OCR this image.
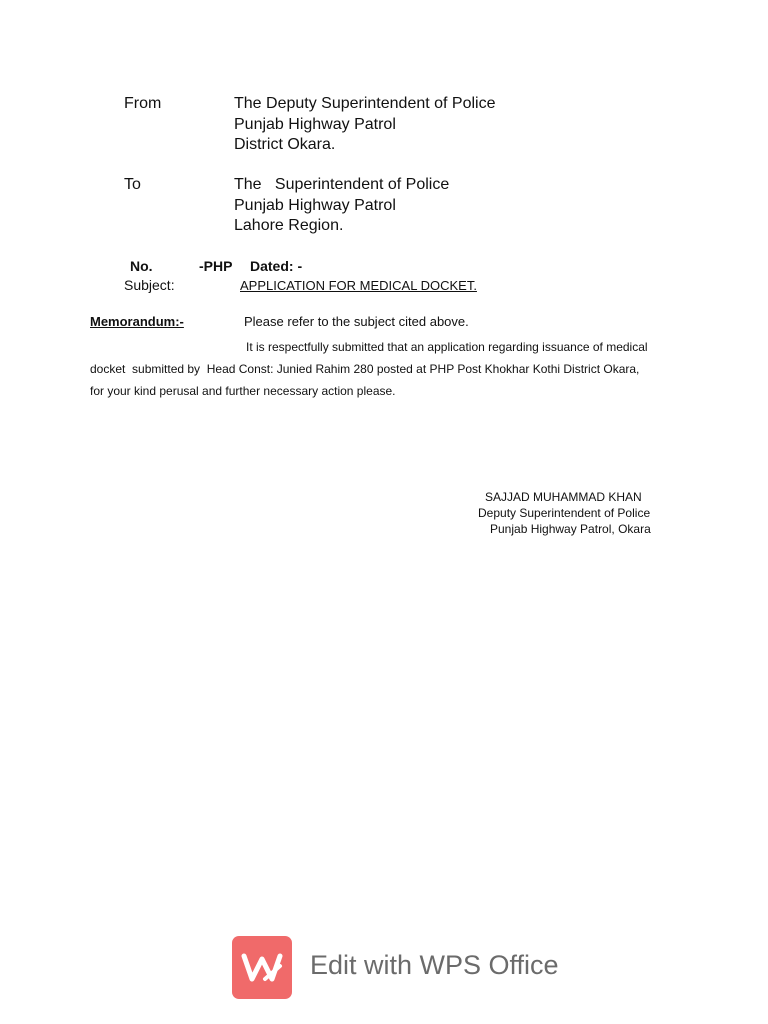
From	The Deputy Superintendent of Police
Punjab Highway Patrol
District Okara.
To	The   Superintendent of Police
Punjab Highway Patrol
Lahore Region.
No.	-PHP Dated: -
Subject:	APPLICATION FOR MEDICAL DOCKET.
Memorandum:-	Please refer to the subject cited above.
It is respectfully submitted that an application regarding issuance of medical
docket  submitted by  Head Const: Junied Rahim 280 posted at PHP Post Khokhar Kothi District Okara,
for your kind perusal and further necessary action please.
SAJJAD MUHAMMAD KHAN
Deputy Superintendent of Police
Punjab Highway Patrol, Okara
Edit with WPS Office
